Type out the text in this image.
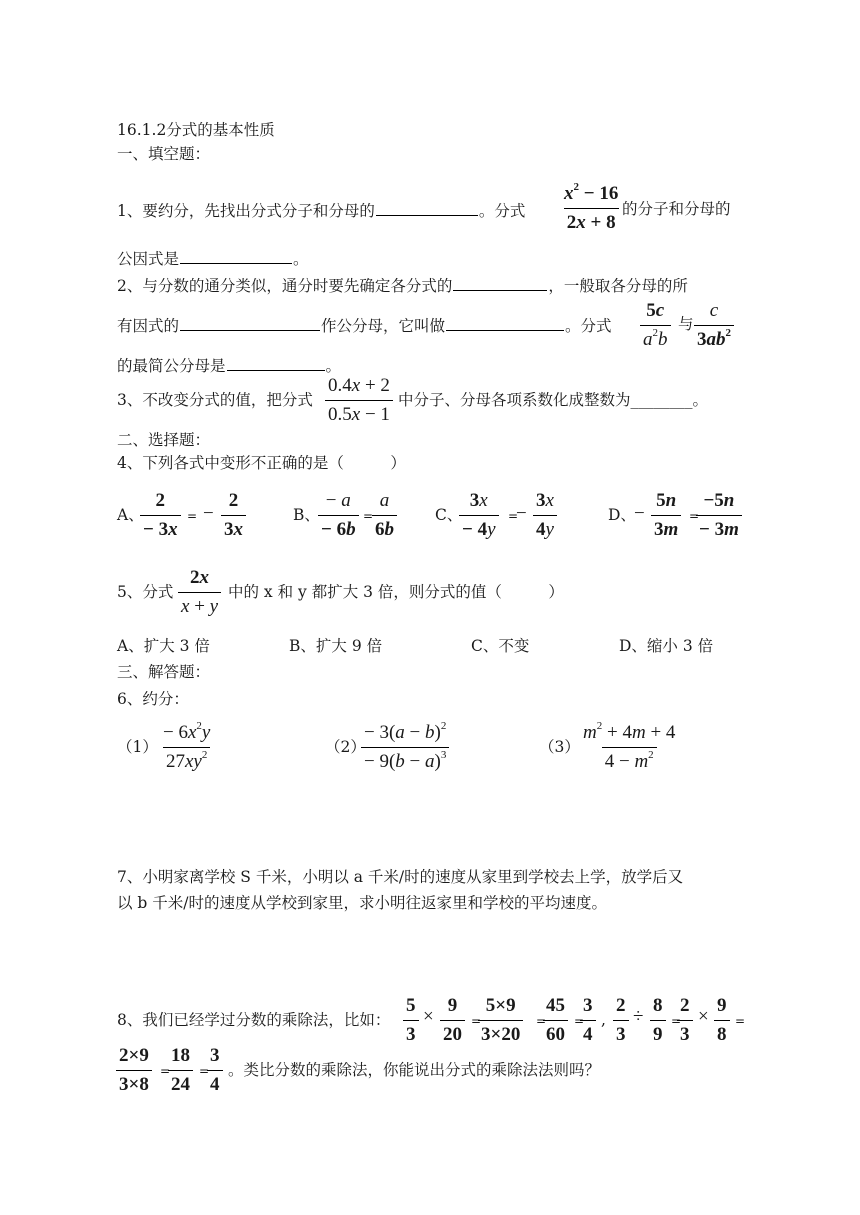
16.1.2分式的基本性质
一、填空题：
1、要约分，先找出分式分子和分母的	。分式 $\frac{x^2 - 16}{2x + 8}$ 的分子和分母的
公因式是	。
2、与分数的通分类似，通分时要先确定各分式的	，一般取各分母的所
有因式的	作公分母，它叫做	。分式 $\frac{5c}{a^2b}$ 与 $\frac{c}{3ab^2}$
的最简公分母是	。
3、不改变分式的值，把分式 $\frac{0.4x + 2}{0.5x - 1}$ 中分子、分母各项系数化成整数为________。
二、选择题：
4、下列各式中变形不正确的是（　　　）
A、
$\frac{2}{- 3x}$ = − $\frac{2}{3x}$	B、
$\frac{- a}{- 6b}$ =
$\frac{a}{6b}$ C、
$\frac{3x}{- 4y}$ =
− $\frac{3x}{4y}$	D、
− $\frac{5n}{3m}$ =
$\frac{-5n}{- 3m}$
5、分式 $\frac{2x}{x + y}$ 中的 x 和 y 都扩大 3 倍，则分式的值（　　　）
A、扩大 3 倍	B、扩大 9 倍	C、不变	D、缩小 3 倍
三、解答题：
6、约分：
$(1) \frac{- 6x^2y}{27xy^2}$	（2）
$\frac{- 3(a - b)^2}{- 9(b - a)^3}$	$(3) \frac{m^2 + 4m + 4}{4 - m^2}$
7、小明家离学校 S 千米，小明以 a 千米/时的速度从家里到学校去上学，放学后又
以 b 千米/时的速度从学校到家里，求小明往返家里和学校的平均速度。
8、我们已经学过分数的乘除法，比如： $\frac{5}{3} \times \frac{9}{20}$ =
$\frac{5\times 9}{3\times 20}$ =
$\frac{45}{60}$ =
$\frac{3}{4}$ , $\frac{2}{3} \div \frac{8}{9}$ =
$\frac{2}{3} \times \frac{9}{8}$ =
$\frac{2\times 9}{3\times 8}$ =
$\frac{18}{24}$ =
$\frac{3}{4}$ 。类比分数的乘除法，你能说出分式的乘除法法则吗？
